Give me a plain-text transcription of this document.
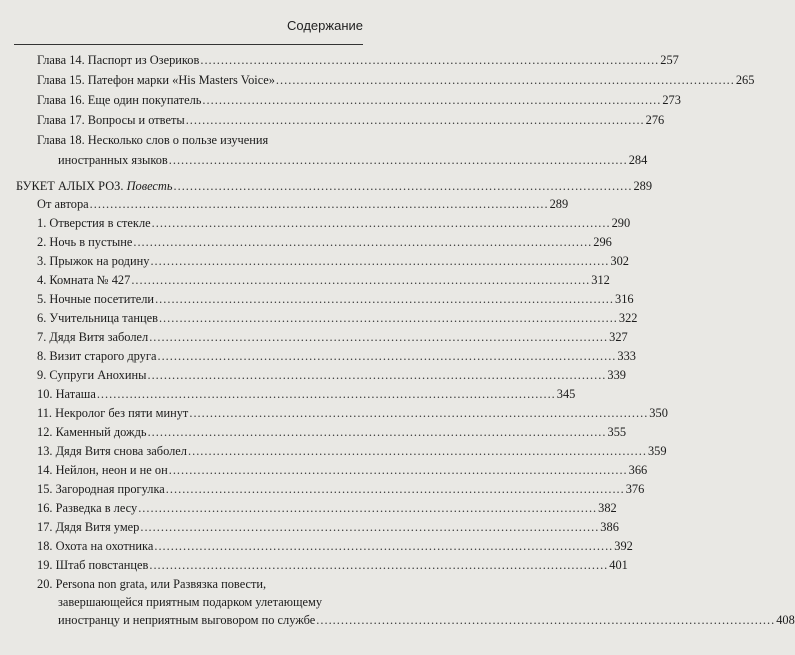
Содержание
Глава 14. Паспорт из Озериков ................................................................................................................ 257
Глава 15. Патефон марки «His Masters Voice» ................................................................................................................ 265
Глава 16. Еще один покупатель ................................................................................................................ 273
Глава 17. Вопросы и ответы ................................................................................................................ 276
Глава 18. Несколько слов о пользе изучения
иностранных языков ................................................................................................................ 284
БУКЕТ АЛЫХ РОЗ. Повесть ................................................................................................................ 289
От автора ................................................................................................................ 289
1. Отверстия в стекле ................................................................................................................ 290
2. Ночь в пустыне ................................................................................................................ 296
3. Прыжок на родину ................................................................................................................ 302
4. Комната № 427 ................................................................................................................ 312
5. Ночные посетители ................................................................................................................ 316
6. Учительница танцев ................................................................................................................ 322
7. Дядя Витя заболел ................................................................................................................ 327
8. Визит старого друга ................................................................................................................ 333
9. Супруги Анохины ................................................................................................................ 339
10. Наташа ................................................................................................................ 345
11. Некролог без пяти минут ................................................................................................................ 350
12. Каменный дождь ................................................................................................................ 355
13. Дядя Витя снова заболел ................................................................................................................ 359
14. Нейлон, неон и не он ................................................................................................................ 366
15. Загородная прогулка ................................................................................................................ 376
16. Разведка в лесу ................................................................................................................ 382
17. Дядя Витя умер ................................................................................................................ 386
18. Охота на охотника ................................................................................................................ 392
19. Штаб повстанцев ................................................................................................................ 401
20. Persona non grata, или Развязка повести,
завершающейся приятным подарком улетающему
иностранцу и неприятным выговором по службе ................................................................................................................ 408
